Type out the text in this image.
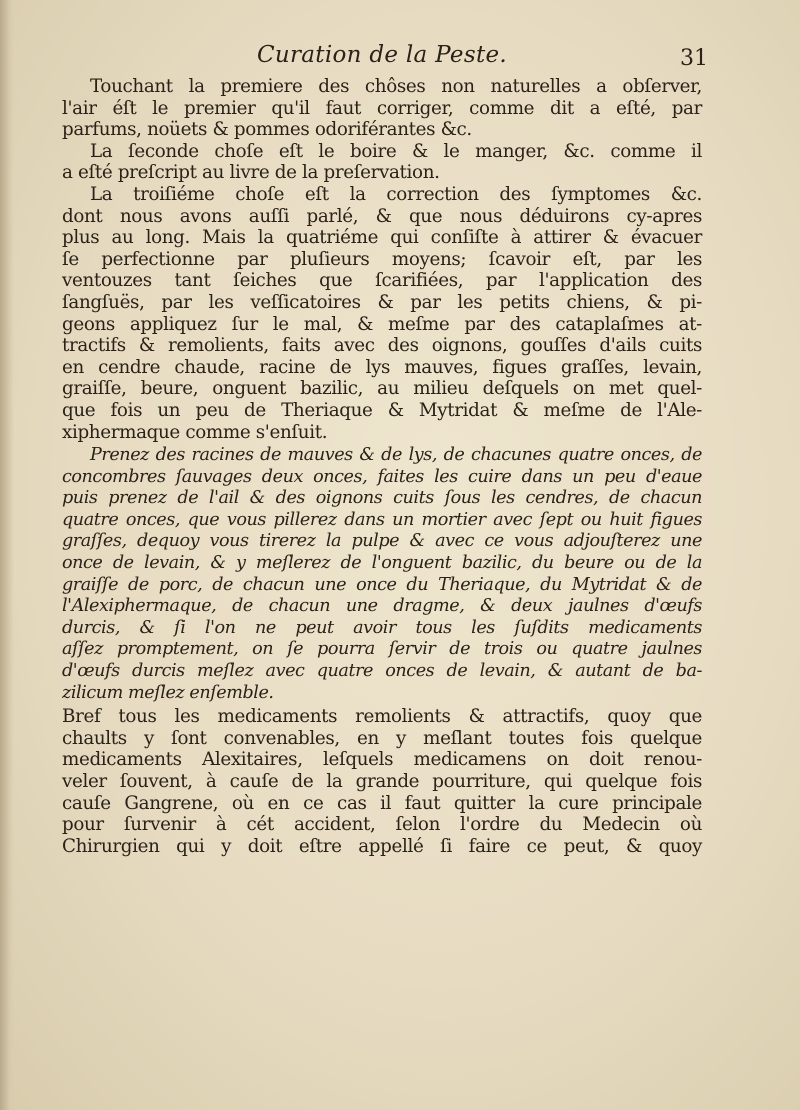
Curation de la Peste.	31
Touchant la premiere des chôses non naturelles a obſerver,
l'air éſt le premier qu'il faut corriger, comme dit a eſté, par
parfums, noüets & pommes odoriférantes &c.
La ſeconde choſe eſt le boire & le manger, &c. comme il
a eſté preſcript au livre de la preſervation.
La troiſiéme choſe eſt la correction des ſymptomes &c.
dont nous avons auſſi parlé, & que nous déduirons cy-apres
plus au long. Mais la quatriéme qui conſiſte à attirer & évacuer
ſe perfectionne par pluſieurs moyens; ſcavoir eſt, par les
ventouzes tant ſeiches que ſcarifiées, par l'application des
ſangſuës, par les veſſicatoires & par les petits chiens, & pi-
geons appliquez ſur le mal, & meſme par des cataplaſmes at-
tractifs & remolients, faits avec des oignons, gouſſes d'ails cuits
en cendre chaude, racine de lys mauves, figues graſſes, levain,
graiſſe, beure, onguent bazilic, au milieu deſquels on met quel-
que fois un peu de Theriaque & Mytridat & meſme de l'Ale-
xiphermaque comme s'enſuit.
Prenez des racines de mauves & de lys, de chacunes quatre onces, de
concombres ſauvages deux onces, faites les cuire dans un peu d'eaue
puis prenez de l'ail & des oignons cuits ſous les cendres, de chacun
quatre onces, que vous pillerez dans un mortier avec ſept ou huit figues
graſſes, dequoy vous tirerez la pulpe & avec ce vous adjouſterez une
once de levain, & y meſlerez de l'onguent bazilic, du beure ou de la
graiſſe de porc, de chacun une once du Theriaque, du Mytridat & de
l'Alexiphermaque, de chacun une dragme, & deux jaulnes d'œufs
durcis, & ſi l'on ne peut avoir tous les ſuſdits medicaments
aſſez promptement, on ſe pourra ſervir de trois ou quatre jaulnes
d'œufs durcis meſlez avec quatre onces de levain, & autant de ba-
zilicum meſlez enſemble.
Bref tous les medicaments remolients & attractifs, quoy que
chaults y ſont convenables, en y meſlant toutes fois quelque
medicaments Alexitaires, leſquels medicamens on doit renou-
veler ſouvent, à cauſe de la grande pourriture, qui quelque fois
cauſe Gangrene, où en ce cas il faut quitter la cure principale
pour ſurvenir à cét accident, ſelon l'ordre du Medecin où
Chirurgien qui y doit eſtre appellé ſi faire ce peut, & quoy
